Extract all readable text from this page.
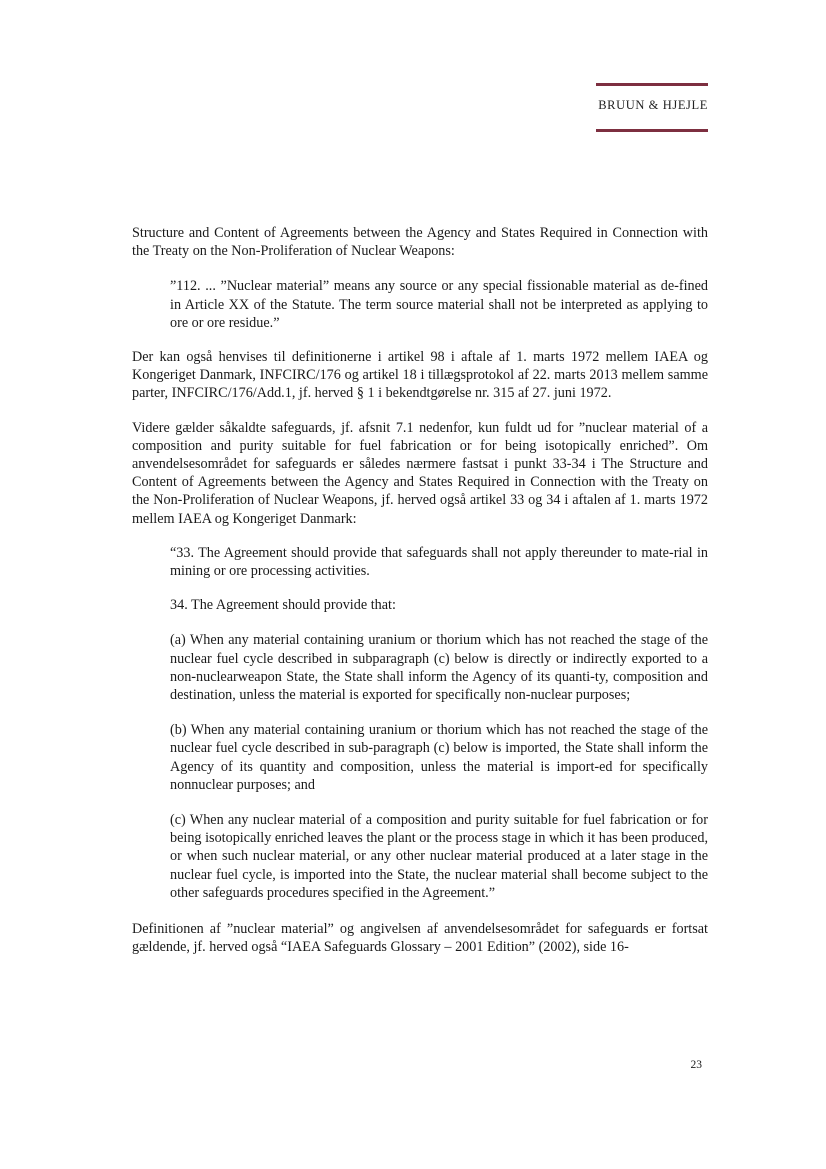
BRUUN & HJEJLE

Structure and Content of Agreements between the Agency and States Required in Connection with the Treaty on the Non-Proliferation of Nuclear Weapons:

”112. ... ”Nuclear material” means any source or any special fissionable material as de-fined in Article XX of the Statute. The term source material shall not be interpreted as applying to ore or ore residue.”

Der kan også henvises til definitionerne i artikel 98 i aftale af 1. marts 1972 mellem IAEA og Kongeriget Danmark, INFCIRC/176 og artikel 18 i tillægsprotokol af 22. marts 2013 mellem samme parter, INFCIRC/176/Add.1, jf. herved § 1 i bekendtgørelse nr. 315 af 27. juni 1972.

Videre gælder såkaldte safeguards, jf. afsnit 7.1 nedenfor, kun fuldt ud for ”nuclear material of a composition and purity suitable for fuel fabrication or for being isotopically enriched”. Om anvendelsesområdet for safeguards er således nærmere fastsat i punkt 33-34 i The Structure and Content of Agreements between the Agency and States Required in Connection with the Treaty on the Non-Proliferation of Nuclear Weapons, jf. herved også artikel 33 og 34 i aftalen af 1. marts 1972 mellem IAEA og Kongeriget Danmark:

“33. The Agreement should provide that safeguards shall not apply thereunder to mate-rial in mining or ore processing activities.

34. The Agreement should provide that:

(a) When any material containing uranium or thorium which has not reached the stage of the nuclear fuel cycle described in subparagraph (c) below is directly or indirectly exported to a non-nuclearweapon State, the State shall inform the Agency of its quanti-ty, composition and destination, unless the material is exported for specifically non-nuclear purposes;

(b) When any material containing uranium or thorium which has not reached the stage of the nuclear fuel cycle described in sub-paragraph (c) below is imported, the State shall inform the Agency of its quantity and composition, unless the material is import-ed for specifically nonnuclear purposes; and

(c) When any nuclear material of a composition and purity suitable for fuel fabrication or for being isotopically enriched leaves the plant or the process stage in which it has been produced, or when such nuclear material, or any other nuclear material produced at a later stage in the nuclear fuel cycle, is imported into the State, the nuclear material shall become subject to the other safeguards procedures specified in the Agreement.”

Definitionen af ”nuclear material” og angivelsen af anvendelsesområdet for safeguards er fortsat gældende, jf. herved også “IAEA Safeguards Glossary – 2001 Edition” (2002), side 16-

23
